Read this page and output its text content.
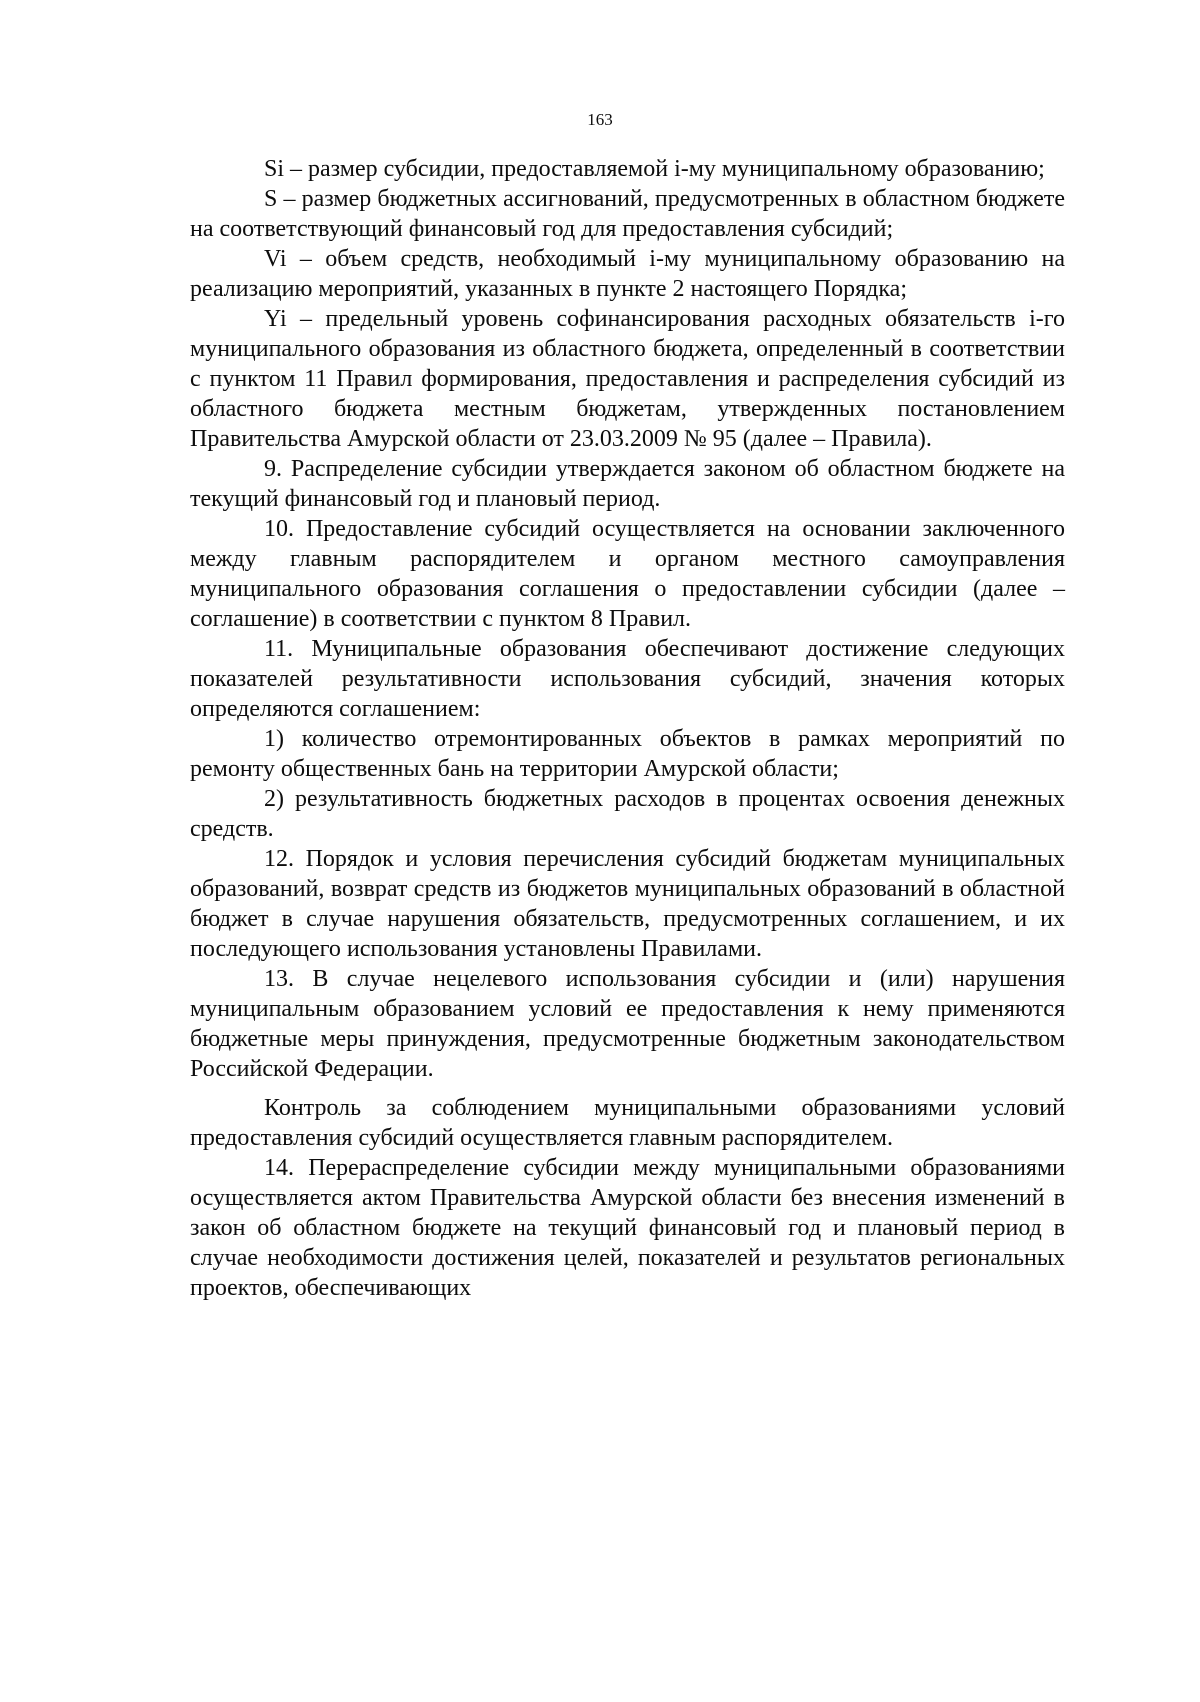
163

Si – размер субсидии, предоставляемой i-му муниципальному образованию;

S – размер бюджетных ассигнований, предусмотренных в областном бюджете на соответствующий финансовый год для предоставления субсидий;

Vi – объем средств, необходимый i-му муниципальному образованию на реализацию мероприятий, указанных в пункте 2 настоящего Порядка;

Yi – предельный уровень софинансирования расходных обязательств i-го муниципального образования из областного бюджета, определенный в соответствии с пунктом 11 Правил формирования, предоставления и распределения субсидий из областного бюджета местным бюджетам, утвержденных постановлением Правительства Амурской области от 23.03.2009 № 95 (далее – Правила).

9. Распределение субсидии утверждается законом об областном бюджете на текущий финансовый год и плановый период.

10. Предоставление субсидий осуществляется на основании заключенного между главным распорядителем и органом местного самоуправления муниципального образования соглашения о предоставлении субсидии (далее – соглашение) в соответствии с пунктом 8 Правил.

11. Муниципальные образования обеспечивают достижение следующих показателей результативности использования субсидий, значения которых определяются соглашением:

1) количество отремонтированных объектов в рамках мероприятий по ремонту общественных бань на территории Амурской области;

2) результативность бюджетных расходов в процентах освоения денежных средств.

12. Порядок и условия перечисления субсидий бюджетам муниципальных образований, возврат средств из бюджетов муниципальных образований в областной бюджет в случае нарушения обязательств, предусмотренных соглашением, и их последующего использования установлены Правилами.

13. В случае нецелевого использования субсидии и (или) нарушения муниципальным образованием условий ее предоставления к нему применяются бюджетные меры принуждения, предусмотренные бюджетным законодательством Российской Федерации.

Контроль за соблюдением муниципальными образованиями условий предоставления субсидий осуществляется главным распорядителем.

14. Перераспределение субсидии между муниципальными образованиями осуществляется актом Правительства Амурской области без внесения изменений в закон об областном бюджете на текущий финансовый год и плановый период в случае необходимости достижения целей, показателей и результатов региональных проектов, обеспечивающих
